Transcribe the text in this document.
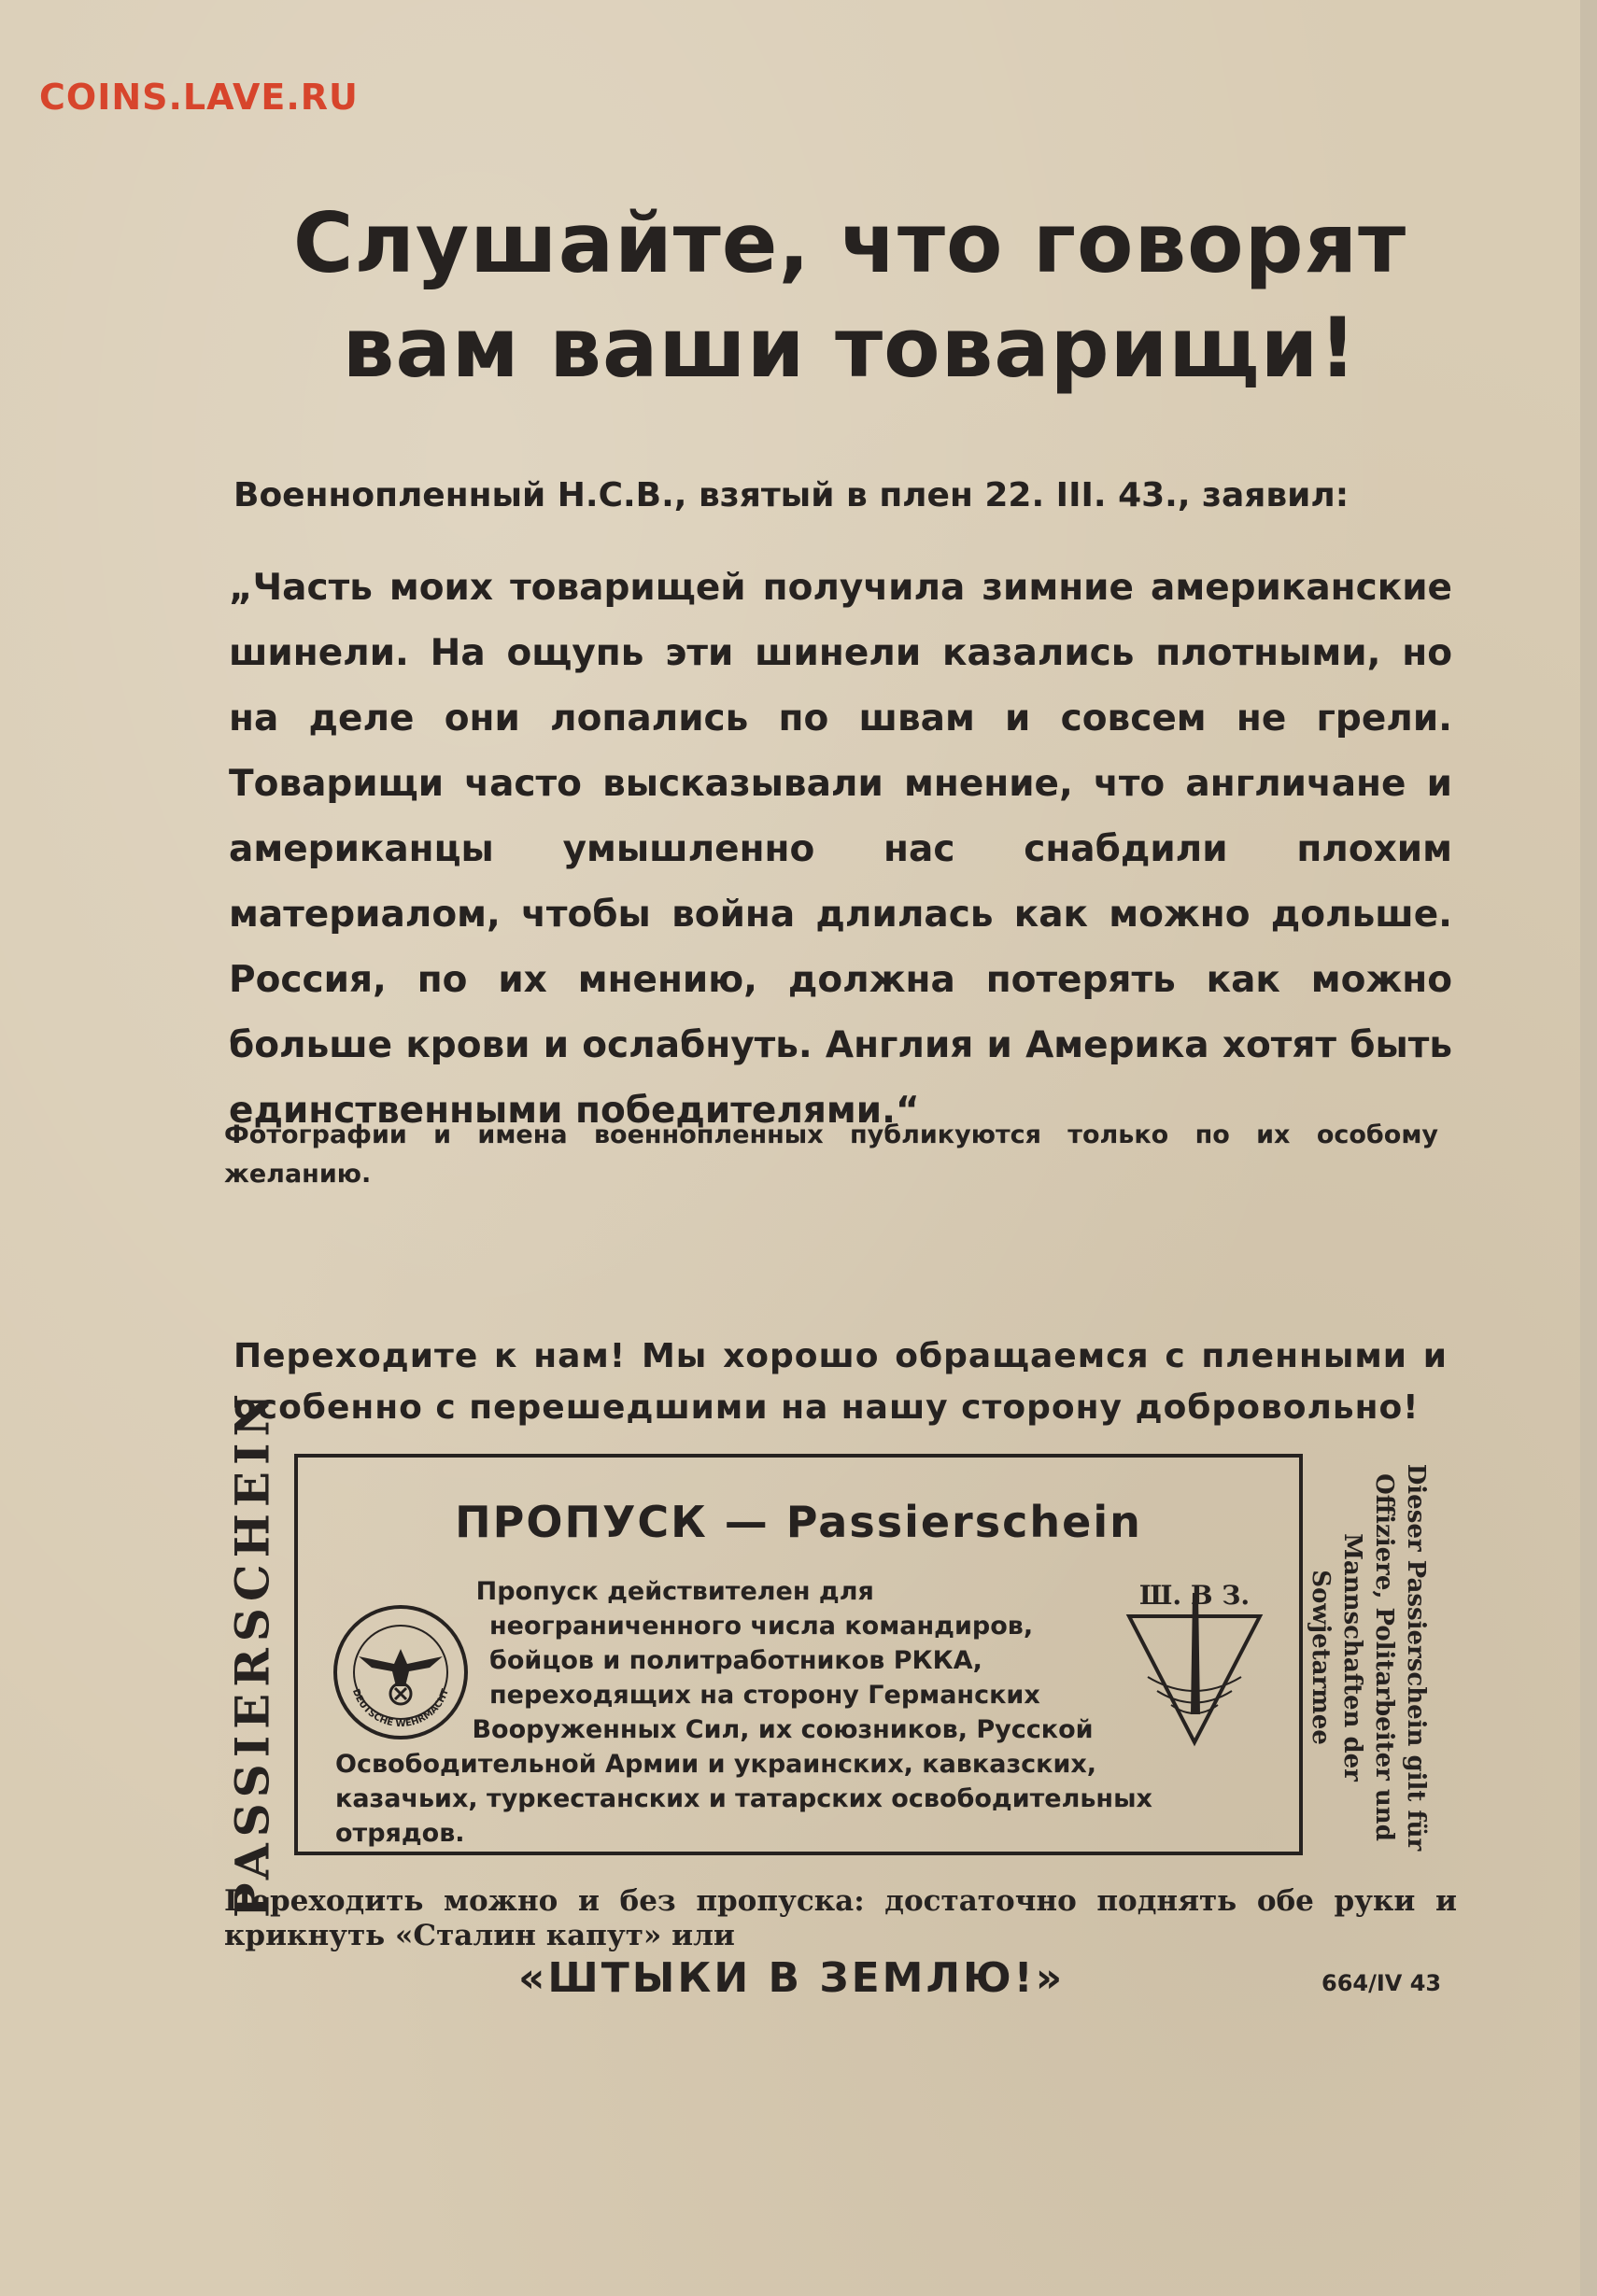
COINS.LAVE.RU
Слушайте, что говорят вам ваши товарищи!

Военнопленный Н.С.В., взятый в плен 22. III. 43., заявил:

„Часть моих товарищей получила зимние американские шинели. На ощупь эти шинели казались плотными, но на деле они лопались по швам и совсем не грели. Товарищи часто высказывали мнение, что англичане и американцы умышленно нас снабдили плохим материалом, чтобы война длилась как можно дольше. Россия, по их мнению, должна потерять как можно больше крови и ослабнуть. Англия и Америка хотят быть единственными победителями.“

Фотографии и имена военнопленных публикуются только по их особому желанию.

Переходите к нам! Мы хорошо обращаемся с пленными и особенно с перешедшими на нашу сторону добровольно!

PASSIERSCHEIN	ПРОПУСК — Passierschein
DEUTSCHE WEHRMACHT
Ш. В З.
Пропуск действителен для неограниченного числа командиров, бойцов и политработников РККА, переходящих на сторону Германских Вооруженных Сил, их союзников, Русской Освободительной Армии и украинских, кавказских, казачьих, туркестанских и татарских освободительных отрядов.	Dieser Passierschein gilt für Offiziere, Politarbeiter und Mannschaften der Sowjetarmee

Переходить можно и без пропуска: достаточно поднять обе руки и крикнуть «Сталин капут» или

«ШТЫКИ В ЗЕМЛЮ!»	664/IV 43
